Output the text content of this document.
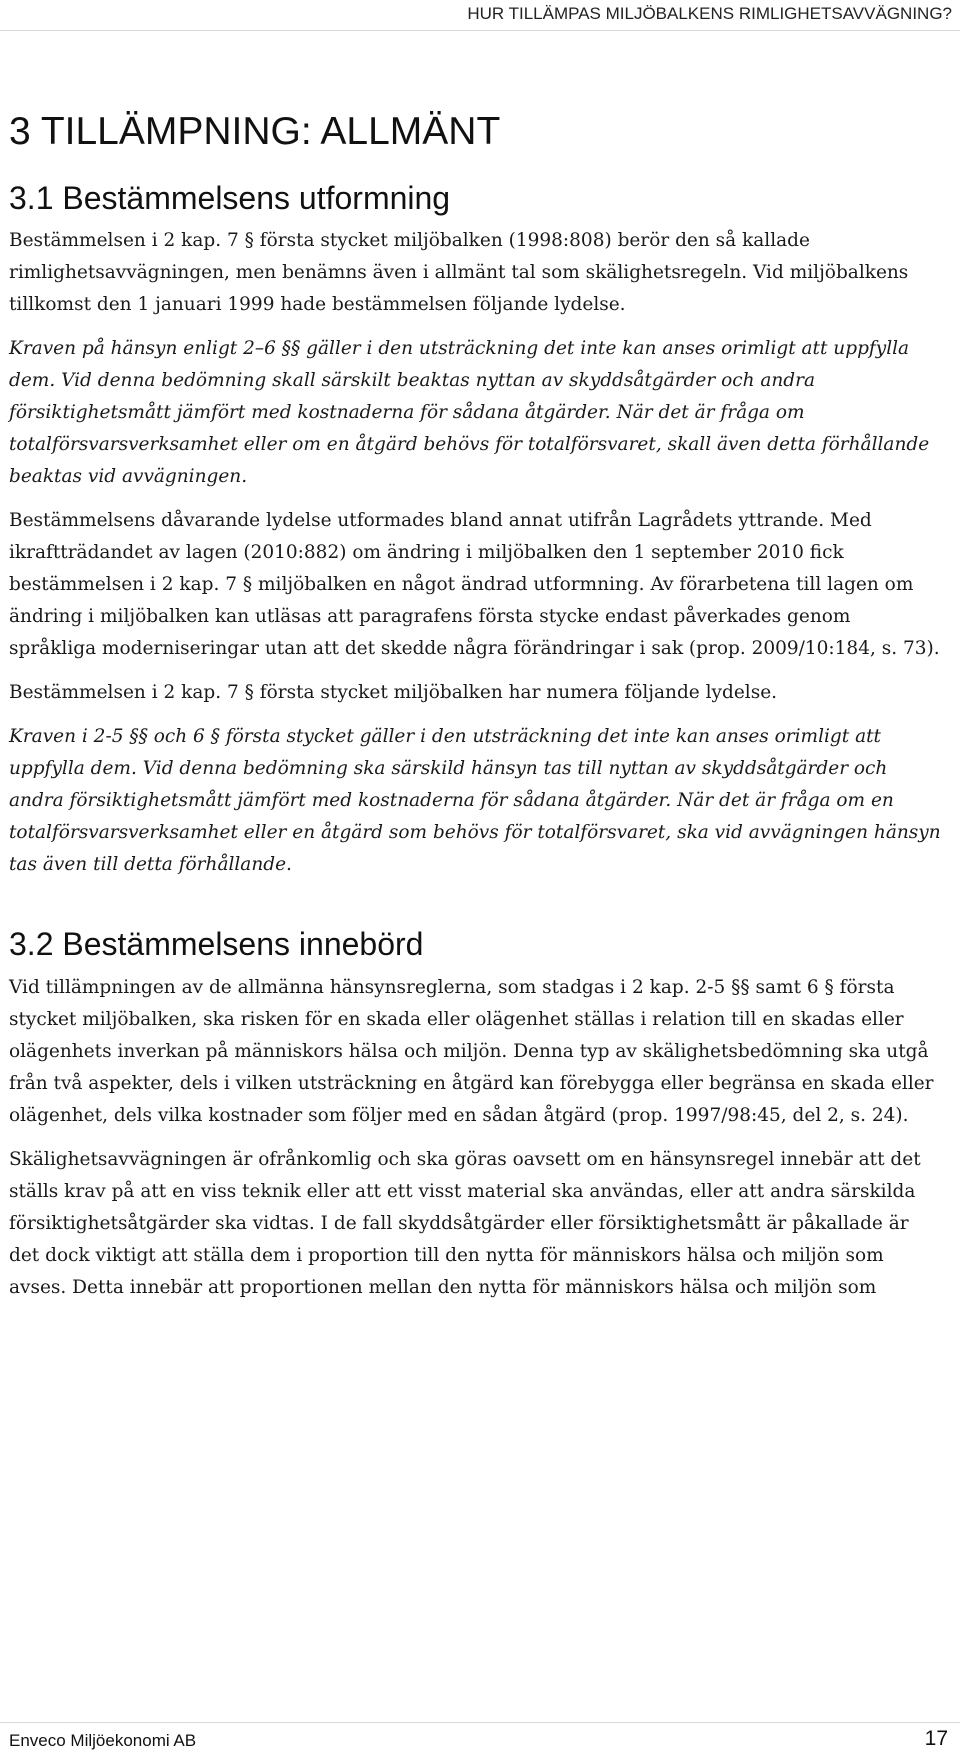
HUR TILLÄMPAS MILJÖBALKENS RIMLIGHETSAVVÄGNING?
3 TILLÄMPNING: ALLMÄNT
3.1 Bestämmelsens utformning

Bestämmelsen i 2 kap. 7 § första stycket miljöbalken (1998:808) berör den så kallade rimlighetsavvägningen, men benämns även i allmänt tal som skälighetsregeln. Vid miljöbalkens tillkomst den 1 januari 1999 hade bestämmelsen följande lydelse.

Kraven på hänsyn enligt 2–6 §§ gäller i den utsträckning det inte kan anses orimligt att uppfylla dem. Vid denna bedömning skall särskilt beaktas nyttan av skyddsåtgärder och andra försiktighetsmått jämfört med kostnaderna för sådana åtgärder. När det är fråga om totalförsvarsverksamhet eller om en åtgärd behövs för totalförsvaret, skall även detta förhållande beaktas vid avvägningen.

Bestämmelsens dåvarande lydelse utformades bland annat utifrån Lagrådets yttrande. Med ikraftträdandet av lagen (2010:882) om ändring i miljöbalken den 1 september 2010 fick bestämmelsen i 2 kap. 7 § miljöbalken en något ändrad utformning. Av förarbetena till lagen om ändring i miljöbalken kan utläsas att paragrafens första stycke endast påverkades genom språkliga moderniseringar utan att det skedde några förändringar i sak (prop. 2009/10:184, s. 73).

Bestämmelsen i 2 kap. 7 § första stycket miljöbalken har numera följande lydelse.

Kraven i 2-5 §§ och 6 § första stycket gäller i den utsträckning det inte kan anses orimligt att uppfylla dem. Vid denna bedömning ska särskild hänsyn tas till nyttan av skyddsåtgärder och andra försiktighetsmått jämfört med kostnaderna för sådana åtgärder. När det är fråga om en totalförsvarsverksamhet eller en åtgärd som behövs för totalförsvaret, ska vid avvägningen hänsyn tas även till detta förhållande.

3.2 Bestämmelsens innebörd

Vid tillämpningen av de allmänna hänsynsreglerna, som stadgas i 2 kap. 2-5 §§ samt 6 § första stycket miljöbalken, ska risken för en skada eller olägenhet ställas i relation till en skadas eller olägenhets inverkan på människors hälsa och miljön. Denna typ av skälighetsbedömning ska utgå från två aspekter, dels i vilken utsträckning en åtgärd kan förebygga eller begränsa en skada eller olägenhet, dels vilka kostnader som följer med en sådan åtgärd (prop. 1997/98:45, del 2, s. 24).

Skälighetsavvägningen är ofrånkomlig och ska göras oavsett om en hänsynsregel innebär att det ställs krav på att en viss teknik eller att ett visst material ska användas, eller att andra särskilda försiktighetsåtgärder ska vidtas. I de fall skyddsåtgärder eller försiktighetsmått är påkallade är det dock viktigt att ställa dem i proportion till den nytta för människors hälsa och miljön som avses. Detta innebär att proportionen mellan den nytta för människors hälsa och miljön som

Enveco Miljöekonomi AB	17
